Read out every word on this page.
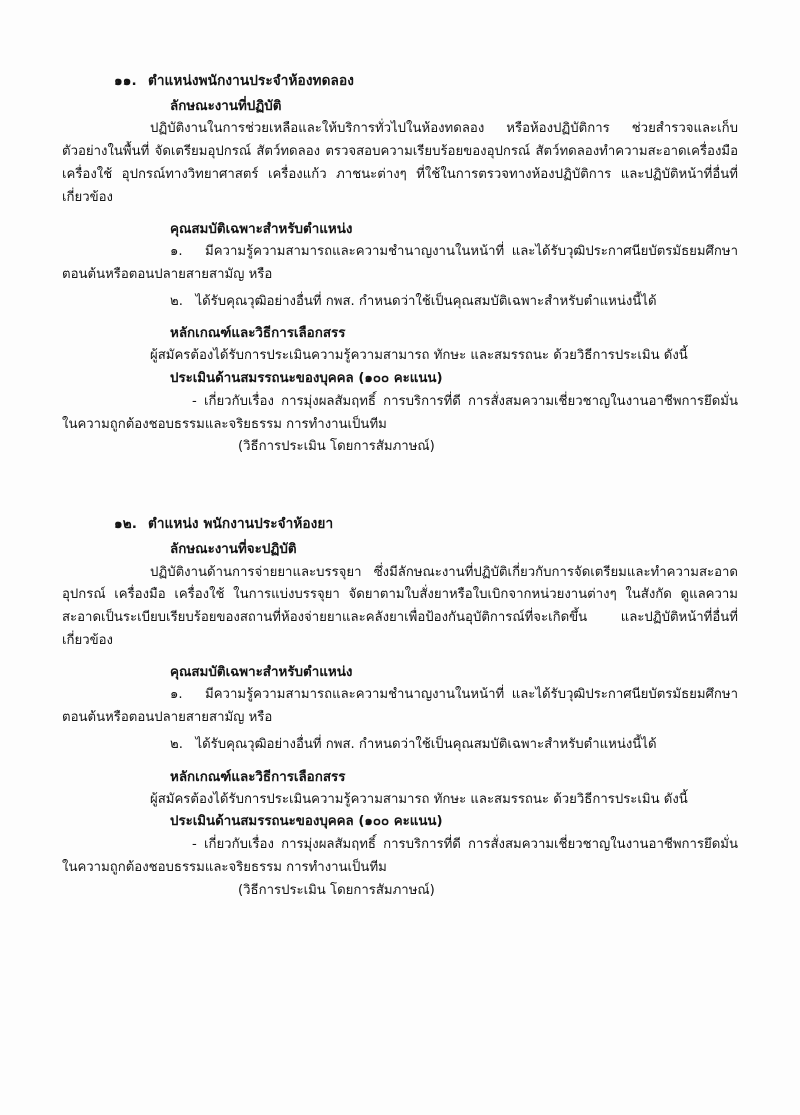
๑๑. ตำแหน่งพนักงานประจำห้องทดลอง

ลักษณะงานที่ปฏิบัติ

ปฏิบัติงานในการช่วยเหลือและให้บริการทั่วไปในห้องทดลอง หรือห้องปฏิบัติการ ช่วยสำรวจและเก็บตัวอย่างในพื้นที่ จัดเตรียมอุปกรณ์ สัตว์ทดลอง ตรวจสอบความเรียบร้อยของอุปกรณ์ สัตว์ทดลองทำความสะอาดเครื่องมือเครื่องใช้ อุปกรณ์ทางวิทยาศาสตร์ เครื่องแก้ว ภาชนะต่างๆ ที่ใช้ในการตรวจทางห้องปฏิบัติการ และปฏิบัติหน้าที่อื่นที่เกี่ยวข้อง

คุณสมบัติเฉพาะสำหรับตำแหน่ง

๑. มีความรู้ความสามารถและความชำนาญงานในหน้าที่ และได้รับวุฒิประกาศนียบัตรมัธยมศึกษาตอนต้นหรือตอนปลายสายสามัญ หรือ

๒. ได้รับคุณวุฒิอย่างอื่นที่ กพส. กำหนดว่าใช้เป็นคุณสมบัติเฉพาะสำหรับตำแหน่งนี้ได้

หลักเกณฑ์และวิธีการเลือกสรร

ผู้สมัครต้องได้รับการประเมินความรู้ความสามารถ ทักษะ และสมรรถนะ ด้วยวิธีการประเมิน ดังนี้

ประเมินด้านสมรรถนะของบุคคล (๑๐๐ คะแนน)

- เกี่ยวกับเรื่อง การมุ่งผลสัมฤทธิ์ การบริการที่ดี การสั่งสมความเชี่ยวชาญในงานอาชีพการยึดมั่นในความถูกต้องชอบธรรมและจริยธรรม การทำงานเป็นทีม

(วิธีการประเมิน โดยการสัมภาษณ์)

๑๒. ตำแหน่ง พนักงานประจำห้องยา

ลักษณะงานที่จะปฏิบัติ

ปฏิบัติงานด้านการจ่ายยาและบรรจุยา ซึ่งมีลักษณะงานที่ปฏิบัติเกี่ยวกับการจัดเตรียมและทำความสะอาดอุปกรณ์ เครื่องมือ เครื่องใช้ ในการแบ่งบรรจุยา จัดยาตามใบสั่งยาหรือใบเบิกจากหน่วยงานต่างๆ ในสังกัด ดูแลความสะอาดเป็นระเบียบเรียบร้อยของสถานที่ห้องจ่ายยาและคลังยาเพื่อป้องกันอุบัติการณ์ที่จะเกิดขึ้น และปฏิบัติหน้าที่อื่นที่เกี่ยวข้อง

คุณสมบัติเฉพาะสำหรับตำแหน่ง

๑. มีความรู้ความสามารถและความชำนาญงานในหน้าที่ และได้รับวุฒิประกาศนียบัตรมัธยมศึกษาตอนต้นหรือตอนปลายสายสามัญ หรือ

๒. ได้รับคุณวุฒิอย่างอื่นที่ กพส. กำหนดว่าใช้เป็นคุณสมบัติเฉพาะสำหรับตำแหน่งนี้ได้

หลักเกณฑ์และวิธีการเลือกสรร

ผู้สมัครต้องได้รับการประเมินความรู้ความสามารถ ทักษะ และสมรรถนะ ด้วยวิธีการประเมิน ดังนี้

ประเมินด้านสมรรถนะของบุคคล (๑๐๐ คะแนน)

- เกี่ยวกับเรื่อง การมุ่งผลสัมฤทธิ์ การบริการที่ดี การสั่งสมความเชี่ยวชาญในงานอาชีพการยึดมั่นในความถูกต้องชอบธรรมและจริยธรรม การทำงานเป็นทีม

(วิธีการประเมิน โดยการสัมภาษณ์)
